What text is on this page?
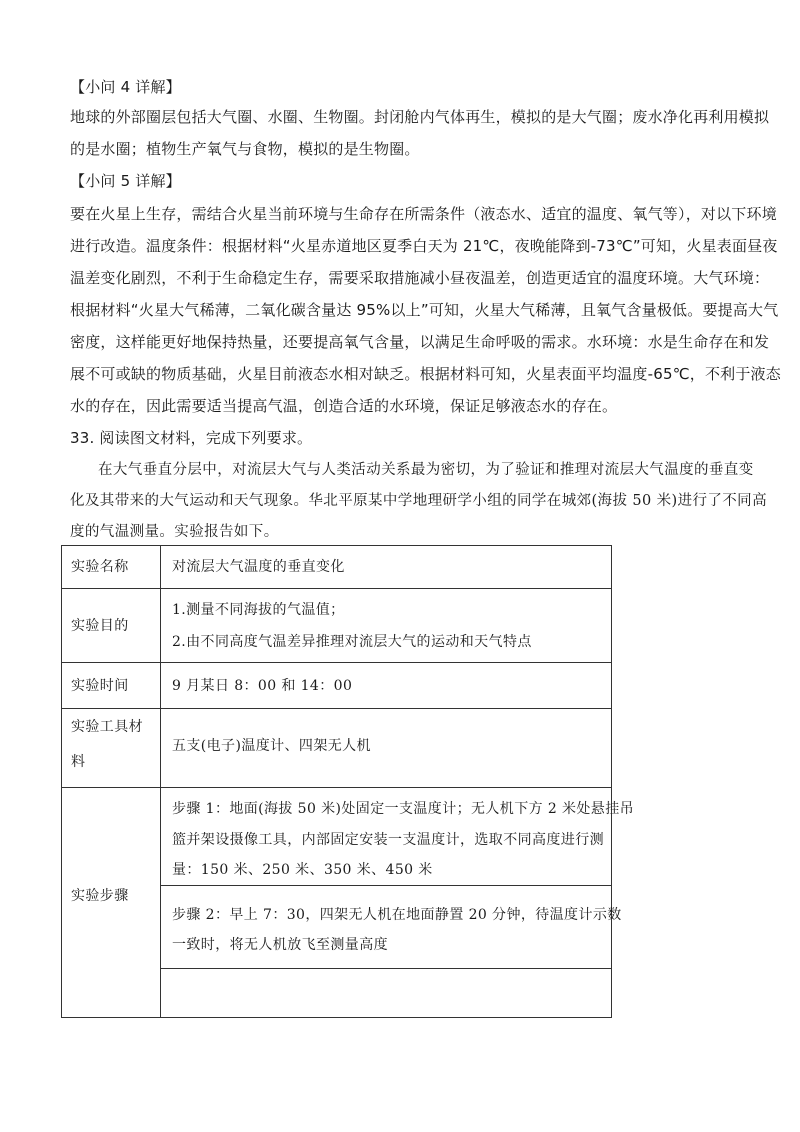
【小问 4 详解】
地球的外部圈层包括大气圈、水圈、生物圈。封闭舱内气体再生，模拟的是大气圈；废水净化再利用模拟
的是水圈；植物生产氧气与食物，模拟的是生物圈。
【小问 5 详解】
要在火星上生存，需结合火星当前环境与生命存在所需条件（液态水、适宜的温度、氧气等），对以下环境
进行改造。温度条件：根据材料“火星赤道地区夏季白天为 21℃，夜晚能降到-73℃”可知，火星表面昼夜
温差变化剧烈，不利于生命稳定生存，需要采取措施减小昼夜温差，创造更适宜的温度环境。大气环境：
根据材料“火星大气稀薄，二氧化碳含量达 95%以上”可知，火星大气稀薄，且氧气含量极低。要提高大气
密度，这样能更好地保持热量，还要提高氧气含量，以满足生命呼吸的需求。水环境：水是生命存在和发
展不可或缺的物质基础，火星目前液态水相对缺乏。根据材料可知，火星表面平均温度-65℃，不利于液态
水的存在，因此需要适当提高气温，创造合适的水环境，保证足够液态水的存在。
33. 阅读图文材料，完成下列要求。
在大气垂直分层中，对流层大气与人类活动关系最为密切，为了验证和推理对流层大气温度的垂直变
化及其带来的大气运动和天气现象。华北平原某中学地理研学小组的同学在城郊(海拔 50 米)进行了不同高
度的气温测量。实验报告如下。
实验名称	对流层大气温度的垂直变化
实验目的
1.测量不同海拔的气温值；
2.由不同高度气温差异推理对流层大气的运动和天气特点
实验时间	9 月某日 8：00 和 14：00
实验工具材
料
五支(电子)温度计、四架无人机
实验步骤
步骤 1：地面(海拔 50 米)处固定一支温度计；无人机下方 2 米处悬挂吊
篮并架设摄像工具，内部固定安装一支温度计，选取不同高度进行测
量：150 米、250 米、350 米、450 米
步骤 2：早上 7：30，四架无人机在地面静置 20 分钟，待温度计示数
一致时，将无人机放飞至测量高度
